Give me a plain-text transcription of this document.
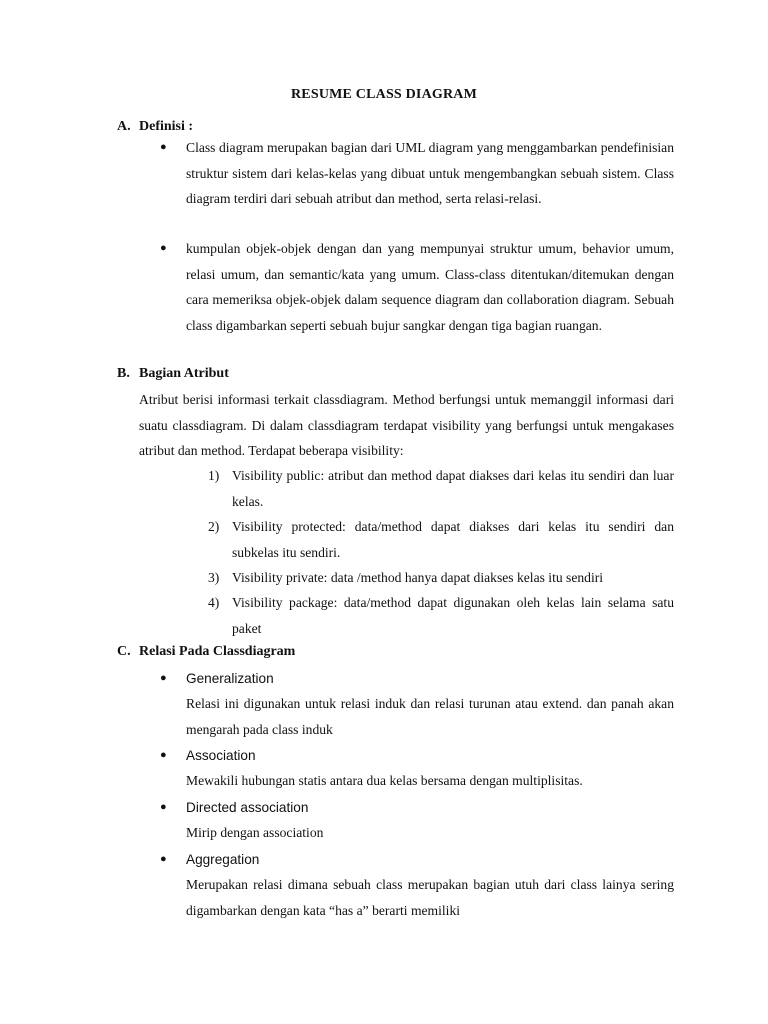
RESUME CLASS DIAGRAM
A. Definisi :
● Class diagram merupakan bagian dari UML diagram yang menggambarkan pendefinisian struktur sistem dari kelas-kelas yang dibuat untuk mengembangkan sebuah sistem. Class diagram terdiri dari sebuah atribut dan method, serta relasi-relasi.
● kumpulan objek-objek dengan dan yang mempunyai struktur umum, behavior umum, relasi umum, dan semantic/kata yang umum. Class-class ditentukan/ditemukan dengan cara memeriksa objek-objek dalam sequence diagram dan collaboration diagram. Sebuah class digambarkan seperti sebuah bujur sangkar dengan tiga bagian ruangan.
B. Bagian Atribut
Atribut berisi informasi terkait classdiagram. Method berfungsi untuk memanggil informasi dari suatu classdiagram. Di dalam classdiagram terdapat visibility yang berfungsi untuk mengakases atribut dan method. Terdapat beberapa visibility:
1) Visibility public: atribut dan method dapat diakses dari kelas itu sendiri dan luar kelas.
2) Visibility protected: data/method dapat diakses dari kelas itu sendiri dan subkelas itu sendiri.
3) Visibility private: data /method hanya dapat diakses kelas itu sendiri
4) Visibility package: data/method dapat digunakan oleh kelas lain selama satu paket
C. Relasi Pada Classdiagram
● Generalization
Relasi ini digunakan untuk relasi induk dan relasi turunan atau extend. dan panah akan mengarah pada class induk
● Association
Mewakili hubungan statis antara dua kelas bersama dengan multiplisitas.
● Directed association
Mirip dengan association
● Aggregation
Merupakan relasi dimana sebuah class merupakan bagian utuh dari class lainya sering digambarkan dengan kata “has a” berarti memiliki
